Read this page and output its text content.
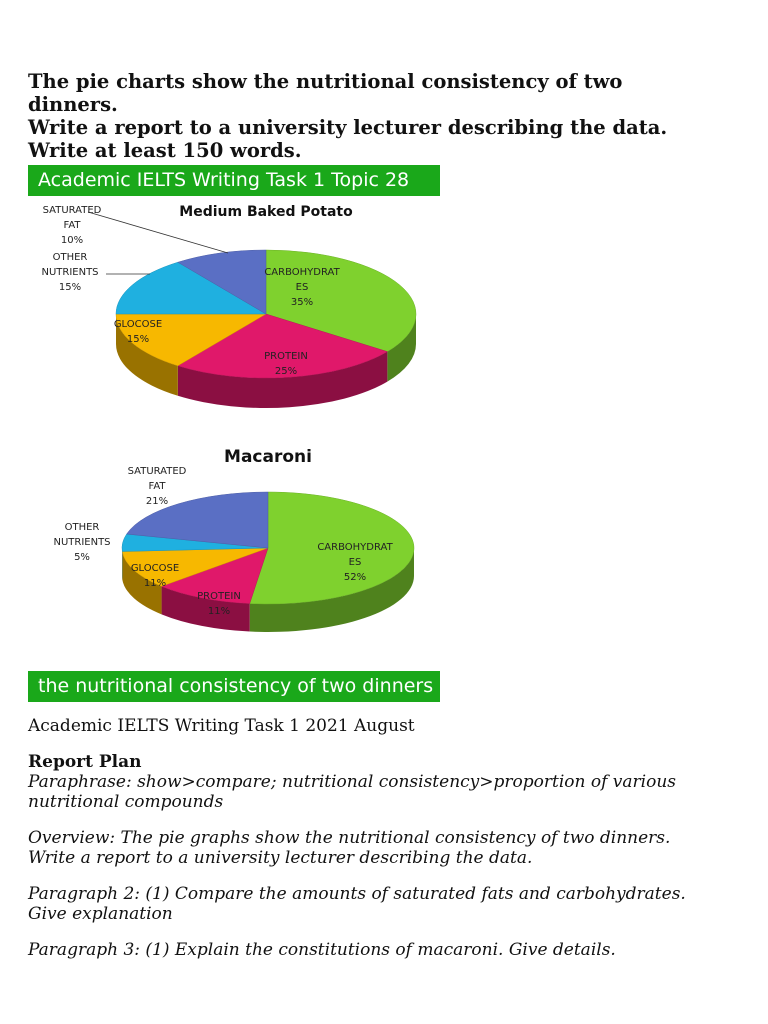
The pie charts show the nutritional consistency of two
dinners.
Write a report to a university lecturer describing the data.
Write at least 150 words.
Academic IELTS Writing Task 1 Topic 28
Medium Baked Potato
CARBOHYDRAT
ES
35%
PROTEIN
25%
GLOCOSE
15%
OTHER
NUTRIENTS
15%
SATURATED
FAT
10%
Macaroni
CARBOHYDRAT
ES
52%
PROTEIN
11%
GLOCOSE
11%
OTHER
NUTRIENTS
5%
SATURATED
FAT
21%
the nutritional consistency of two dinners
Academic IELTS Writing Task 1 2021 August
Report Plan
Paraphrase: show>compare; nutritional consistency>proportion of various
nutritional compounds
Overview: The pie graphs show the nutritional consistency of two dinners.
Write a report to a university lecturer describing the data.
Paragraph 2: (1) Compare the amounts of saturated fats and carbohydrates.
Give explanation
Paragraph 3: (1) Explain the constitutions of macaroni. Give details.
